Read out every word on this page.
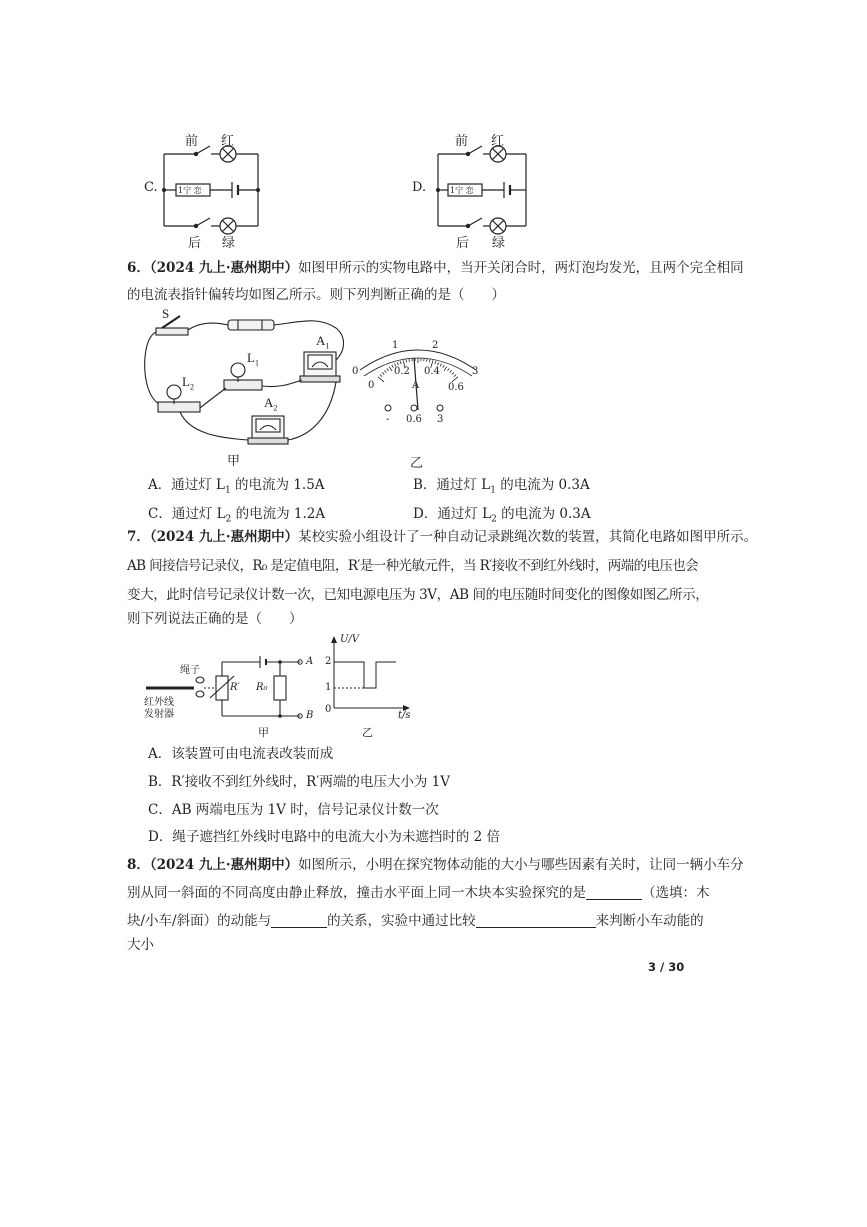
C.	1宁 恋
前 红
后 绿
D.	1宁 恋
前 红
后 绿
6．（2024 九上·惠州期中）如图甲所示的实物电路中，当开关闭合时，两灯泡均发光，且两个完全相同
的电流表指针偏转均如图乙所示。则下列判断正确的是（　　）
S
$L_1$
$L_2$
$A_1$
$A_2$
甲
0
1	2
3
0
0.2 0.4
0.6
A
- 0.6 3
乙
A．通过灯 $L_1$ 的电流为 1.5A	B．通过灯 $L_1$ 的电流为 0.3A
C．通过灯 $L_2$ 的电流为 1.2A	D．通过灯 $L_2$ 的电流为 0.3A
7．（2024 九上·惠州期中）某校实验小组设计了一种自动记录跳绳次数的装置，其简化电路如图甲所示。
AB 间接信号记录仪，R₀ 是定值电阻，R′是一种光敏元件，当 R′接收不到红外线时，两端的电压也会
变大，此时信号记录仪计数一次，已知电源电压为 3V，AB 间的电压随时间变化的图像如图乙所示，
则下列说法正确的是（　　）
绳子
红外线
发射器
R′ R₀
A
B
甲
U/V
t/s
2
1
0
乙
A．该装置可由电流表改装而成
B．R′接收不到红外线时，R′两端的电压大小为 1V
C．AB 两端电压为 1V 时，信号记录仪计数一次
D．绳子遮挡红外线时电路中的电流大小为未遮挡时的 2 倍
8．（2024 九上·惠州期中）如图所示，小明在探究物体动能的大小与哪些因素有关时，让同一辆小车分
别从同一斜面的不同高度由静止释放，撞击水平面上同一木块本实验探究的是	（选填：木
块/小车/斜面）的动能与	的关系，实验中通过比较	来判断小车动能的
大小
3 / 30
